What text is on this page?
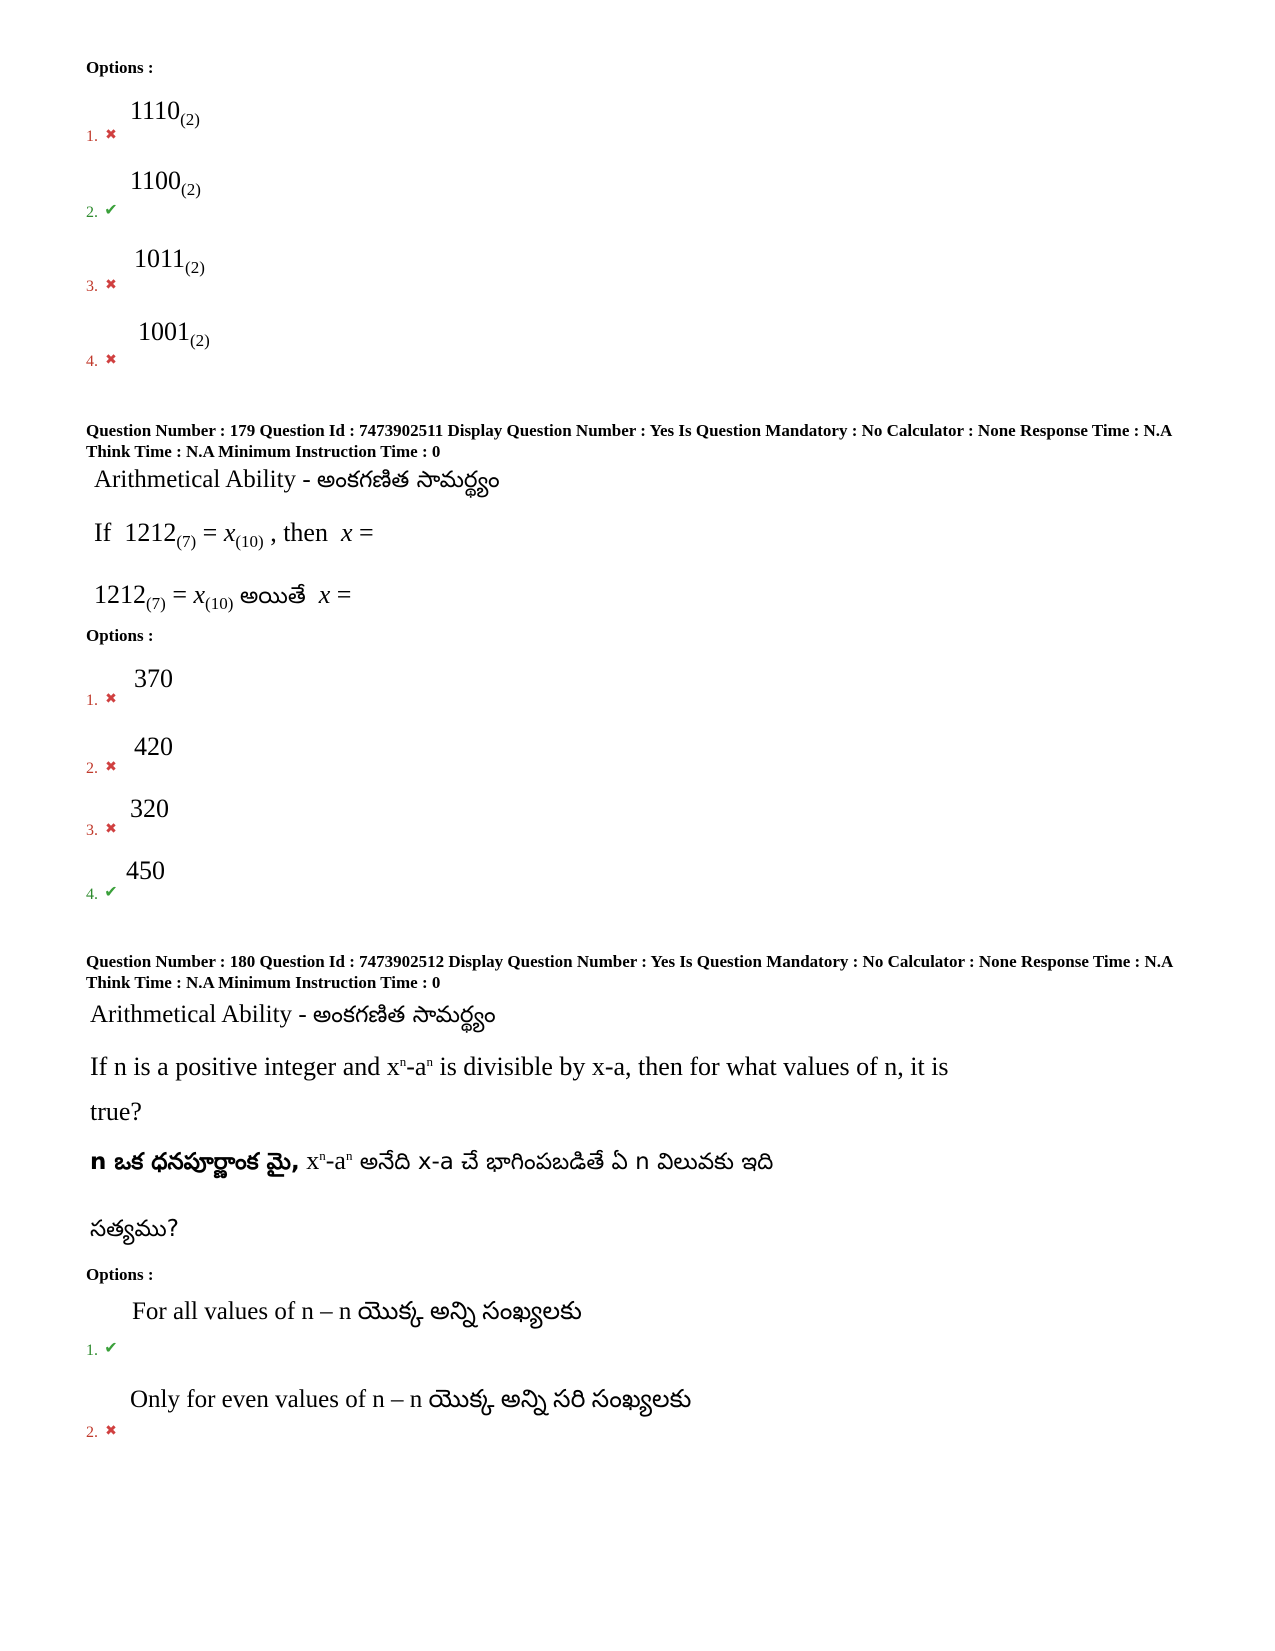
Options :
1. ✖ $1110_{(2)}$
2. ✔ $1100_{(2)}$
3. ✖ $1011_{(2)}$
4. ✖ $1001_{(2)}$
Question Number : 179 Question Id : 7473902511 Display Question Number : Yes Is Question Mandatory : No Calculator : None Response Time : N.A Think Time : N.A Minimum Instruction Time : 0
Arithmetical Ability - అంకగణిత సామర్థ్యం
If $1212_{(7)} = x_{(10)}$ , then  x =
$1212_{(7)} = x_{(10)}$ అయితే x =
Options :
1. ✖ 370
2. ✖ 420
3. ✖ 320
4. ✔ 450
Question Number : 180 Question Id : 7473902512 Display Question Number : Yes Is Question Mandatory : No Calculator : None Response Time : N.A Think Time : N.A Minimum Instruction Time : 0
Arithmetical Ability - అంకగణిత సామర్థ్యం
If n is a positive integer and $x^n-a^n$ is divisible by x-a, then for what values of n, it is
true?
n ఒక ధనపూర్ణాంక మై, $x^n-a^n$ అనేది x-a చే భాగింపబడితే ఏ n విలువకు ఇది
సత్యము?
Options :
1. ✔ For all values of n – n యొక్క అన్ని సంఖ్యలకు
2. ✖ Only for even values of n – n యొక్క అన్ని సరి సంఖ్యలకు
